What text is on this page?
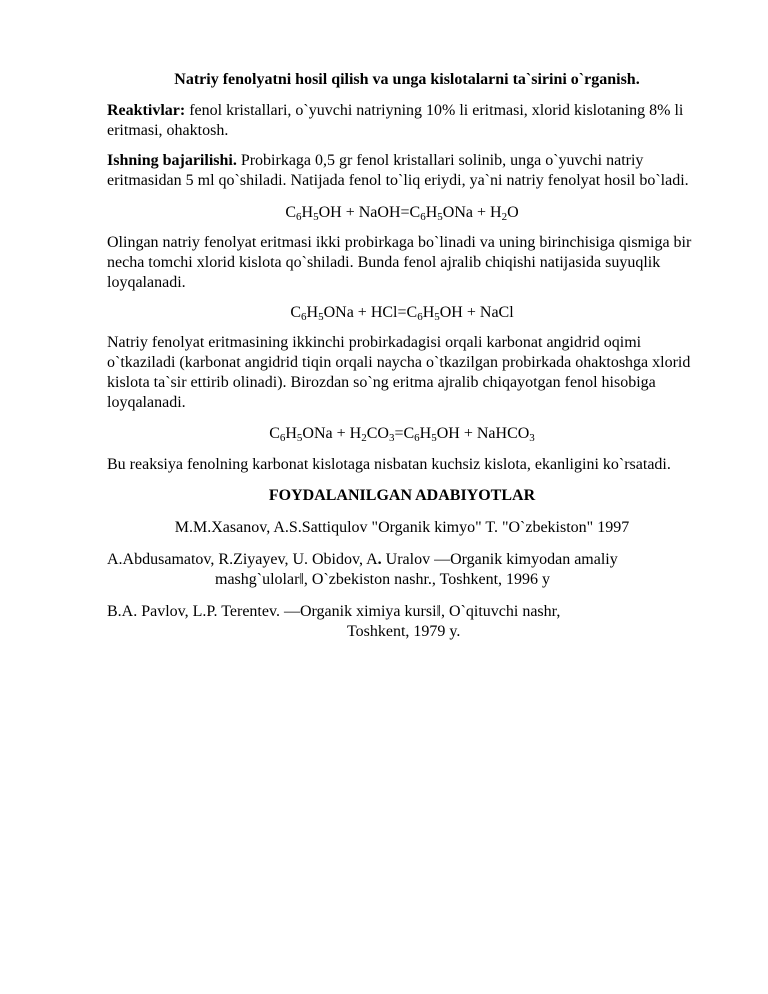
Natriy fenolyatni hosil qilish va unga kislotalarni ta`sirini o`rganish.

Reaktivlar: fenol kristallari, o`yuvchi natriyning 10% li eritmasi, xlorid kislotaning 8% li eritmasi, ohaktosh.

Ishning bajarilishi. Probirkaga 0,5 gr fenol kristallari solinib, unga o`yuvchi natriy eritmasidan 5 ml qo`shiladi. Natijada fenol to`liq eriydi, ya`ni natriy fenolyat hosil bo`ladi.

$C_6H_5OH$ + $NaOH=C_6H_5ONa + H_2O$

Olingan natriy fenolyat eritmasi ikki probirkaga bo`linadi va uning birinchisiga qismiga bir necha tomchi xlorid kislota qo`shiladi. Bunda fenol ajralib chiqishi natijasida suyuqlik loyqalanadi.

$C_6H_5ONa + HCl=C_6H_5OH$ + NaCl

Natriy fenolyat eritmasining ikkinchi probirkadagisi orqali karbonat angidrid oqimi o`tkaziladi (karbonat angidrid tiqin orqali naycha o`tkazilgan probirkada ohaktoshga xlorid kislota ta`sir ettirib olinadi). Birozdan so`ng eritma ajralib chiqayotgan fenol hisobiga loyqalanadi.

$C_6H_5ONa + H_2CO_3=C_6H_5OH$ + NaHCO$_3$

Bu reaksiya fenolning karbonat kislotaga nisbatan kuchsiz kislota, ekanligini ko`rsatadi.

FOYDALANILGAN ADABIYOTLAR

M.M.Xasanov, A.S.Sattiqulov "Organik kimyo" T. "O`zbekiston" 1997

A.Abdusamatov, R.Ziyayev, U. Obidov, A. Uralov ―Organik kimyodan amaliy

mashg`ulolar‖, O`zbekiston nashr., Toshkent, 1996 y

B.A. Pavlov, L.P. Terentev. ―Organik ximiya kursi‖, O`qituvchi nashr,

Toshkent, 1979 y.
